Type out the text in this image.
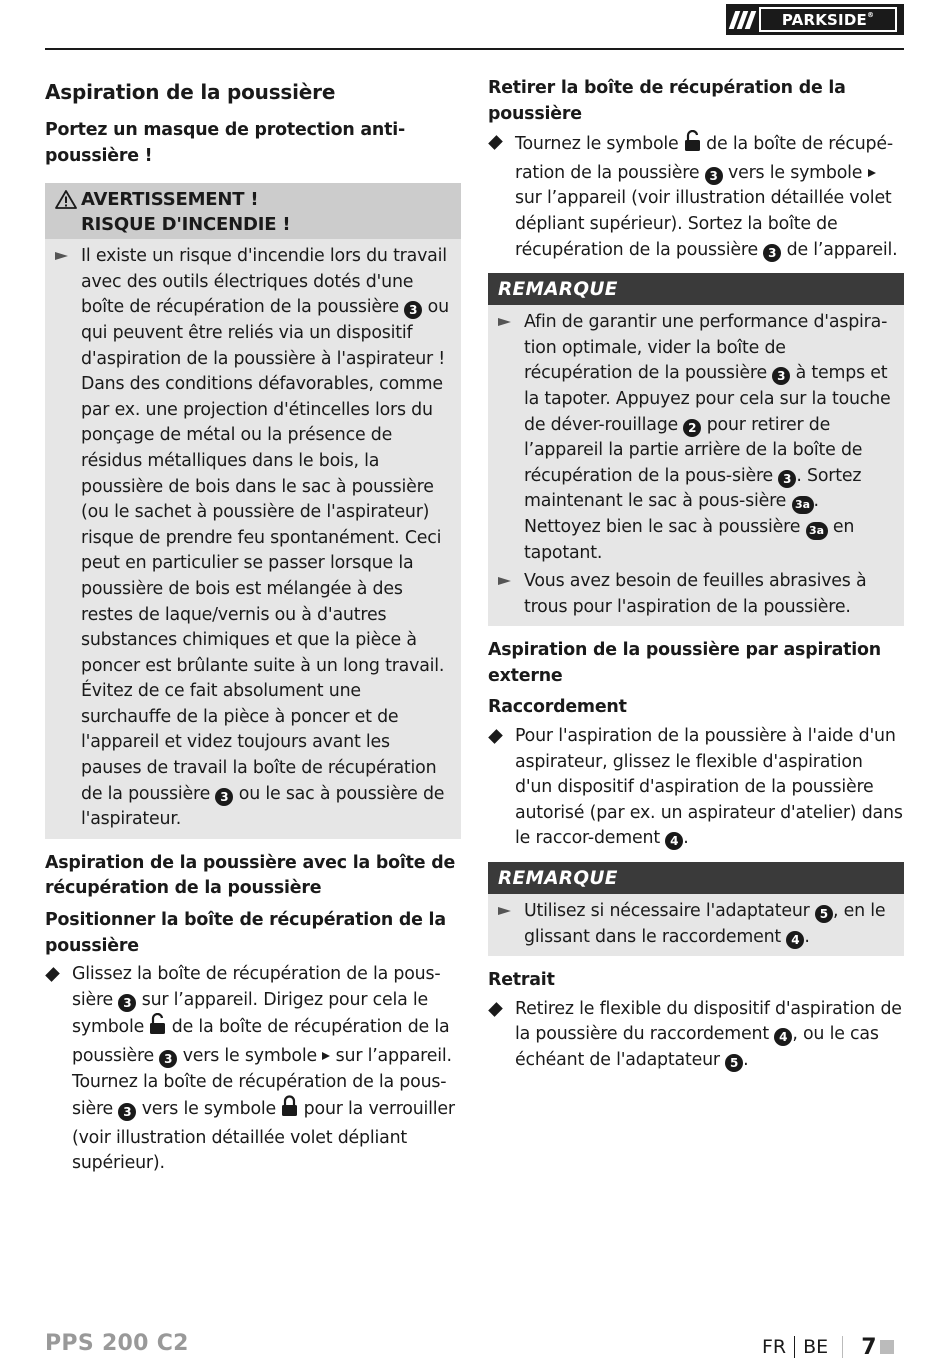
PARKSIDE®
Aspiration de la poussière
Portez un masque de protection anti-poussière !
AVERTISSEMENT !
RISQUE D'INCENDIE !
Il existe un risque d'incendie lors du travail avec des outils électriques dotés d'une boîte de récupération de la poussière 3 ou qui peuvent être reliés via un dispositif d'aspiration de la poussière à l'aspirateur ! Dans des conditions défavorables, comme par ex. une projection d'étincelles lors du ponçage de métal ou la présence de résidus métalliques dans le bois, la poussière de bois dans le sac à poussière (ou le sachet à poussière de l'aspirateur) risque de prendre feu spontanément. Ceci peut en particulier se passer lorsque la poussière de bois est mélangée à des restes de laque/vernis ou à d'autres substances chimiques et que la pièce à poncer est brûlante suite à un long travail. Évitez de ce fait absolument une surchauffe de la pièce à poncer et de l'appareil et videz toujours avant les pauses de travail la boîte de récupération de la poussière 3 ou le sac à poussière de l'aspirateur.
Aspiration de la poussière avec la boîte de récupération de la poussière
Positionner la boîte de récupération de la poussière
Glissez la boîte de récupération de la pous-sière 3 sur l’appareil. Dirigez pour cela le symbole de la boîte de récupération de la poussière 3 vers le symbole sur l’appareil. Tournez la boîte de récupération de la pous-sière 3 vers le symbole pour la verrouiller (voir illustration détaillée volet dépliant supérieur).
Retirer la boîte de récupération de la poussière
Tournez le symbole de la boîte de récupé-ration de la poussière 3 vers le symbole  sur l’appareil (voir illustration détaillée volet dépliant supérieur). Sortez la boîte de récupération de la poussière 3 de l’appareil.
REMARQUE
Afin de garantir une performance d'aspira-tion optimale, vider la boîte de récupération de la poussière 3 à temps et la tapoter. Appuyez pour cela sur la touche de déver-rouillage 2 pour retirer de l’appareil la partie arrière de la boîte de récupération de la pous-sière 3 . Sortez maintenant le sac à pous-sière 3a . Nettoyez bien le sac à poussière 3a en tapotant.
Vous avez besoin de feuilles abrasives à trous pour l'aspiration de la poussière.
Aspiration de la poussière par aspiration externe
Raccordement
Pour l'aspiration de la poussière à l'aide d'un aspirateur, glissez le flexible d'aspiration d'un dispositif d'aspiration de la poussière autorisé (par ex. un aspirateur d'atelier) dans le raccor-dement 4 .
REMARQUE
Utilisez si nécessaire l'adaptateur 5 , en le glissant dans le raccordement 4 .
Retrait
Retirez le flexible du dispositif d'aspiration de la poussière du raccordement 4 , ou le cas échéant de l'adaptateur 5 .
PPS 200 C2	FR BE 7
